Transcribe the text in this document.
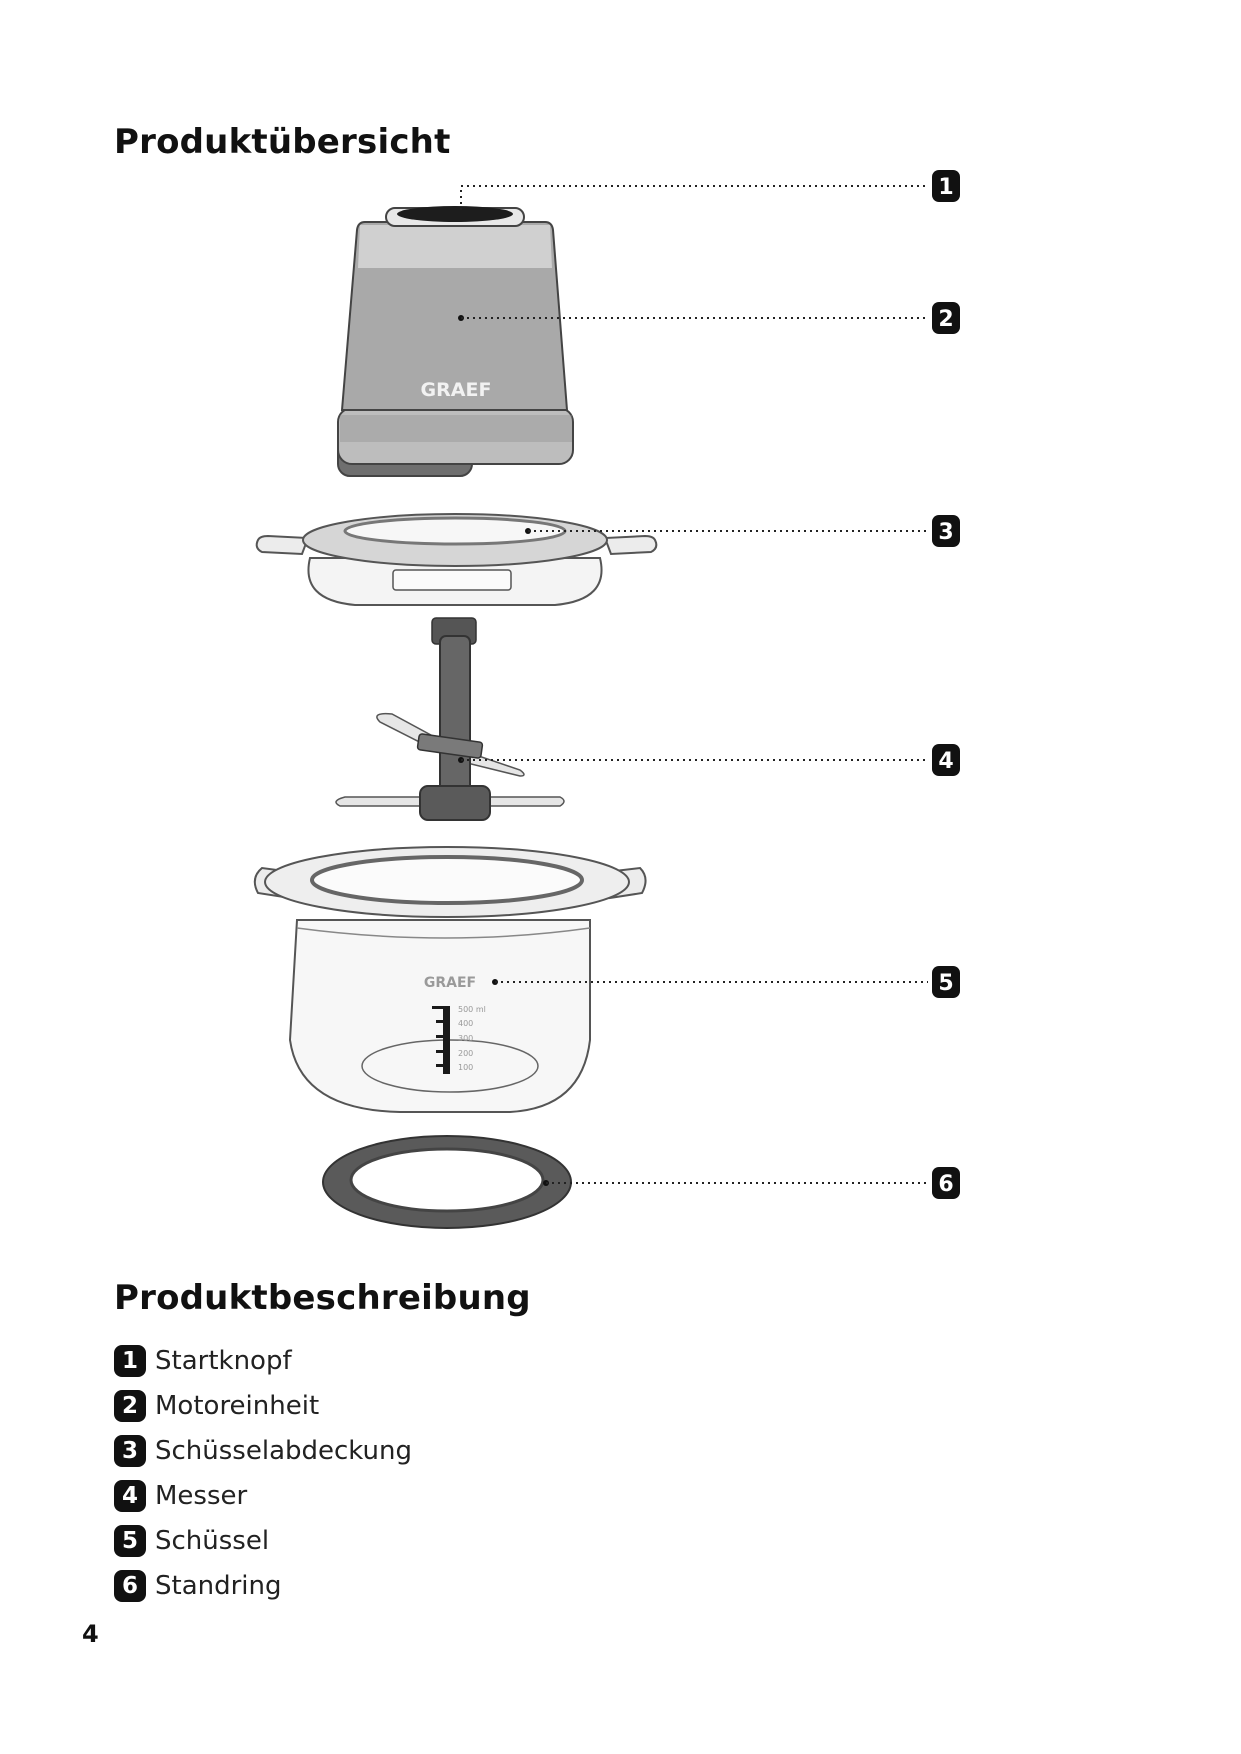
Produktübersicht
GRAEF
GRAEF
500 ml
400
300
200
100
1
2
3
4
5
6
Produktbeschreibung
1 Startknopf
2 Motoreinheit
3 Schüsselabdeckung
4 Messer
5 Schüssel
6 Standring
4
